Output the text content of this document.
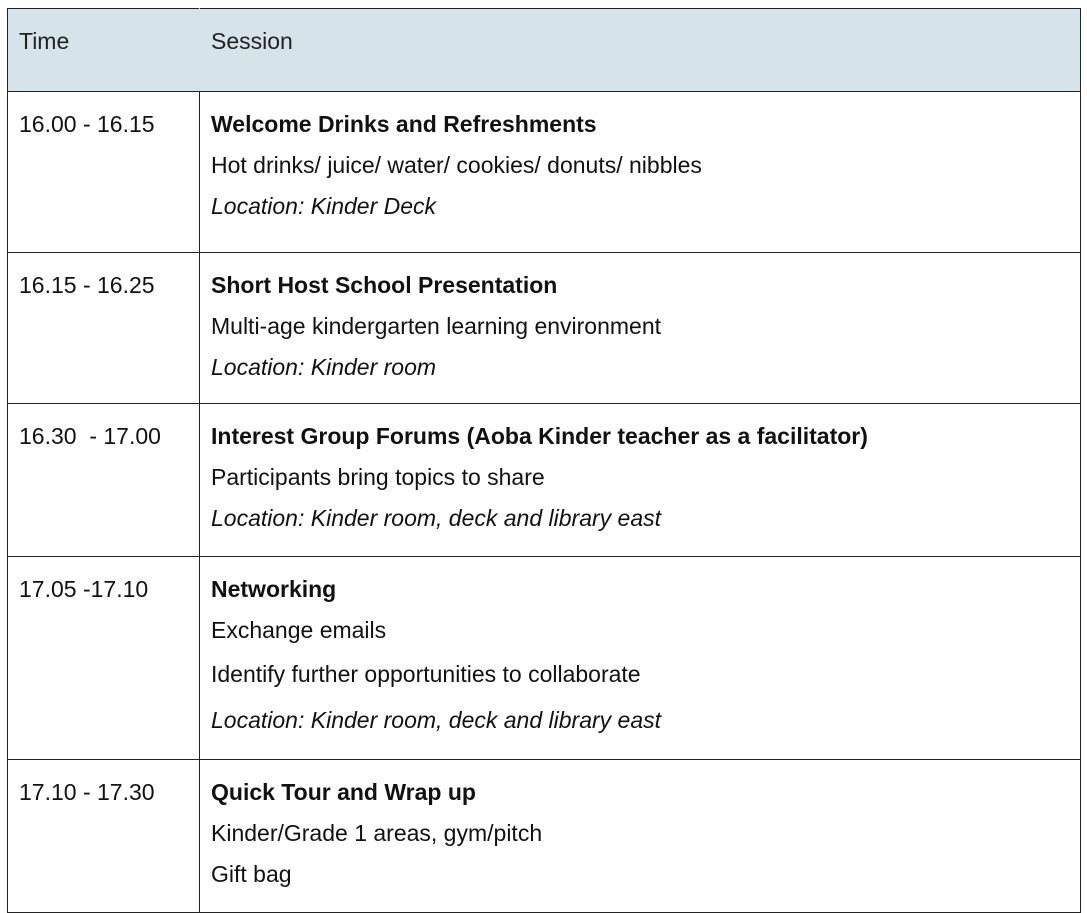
Time	Session
16.00 - 16.15	Welcome Drinks and Refreshments
Hot drinks/ juice/ water/ cookies/ donuts/ nibbles
Location: Kinder Deck

16.15 - 16.25	Short Host School Presentation
Multi-age kindergarten learning environment
Location: Kinder room

16.30  - 17.00	Interest Group Forums (Aoba Kinder teacher as a facilitator)
Participants bring topics to share
Location: Kinder room, deck and library east

17.05 -17.10	Networking
Exchange emails
Identify further opportunities to collaborate
Location: Kinder room, deck and library east

17.10 - 17.30	Quick Tour and Wrap up
Kinder/Grade 1 areas, gym/pitch
Gift bag
